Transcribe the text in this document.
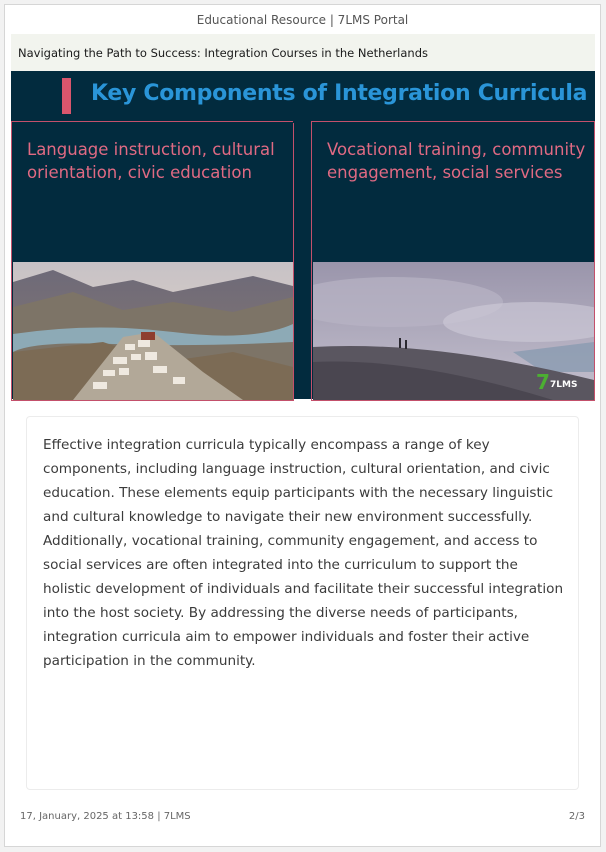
Educational Resource | 7LMS Portal
Navigating the Path to Success: Integration Courses in the Netherlands
Key Components of Integration Curricula
Language instruction, cultural orientation, civic education
Vocational training, community engagement, social services
7 7LMS

Effective integration curricula typically encompass a range of key components, including language instruction, cultural orientation, and civic education. These elements equip participants with the necessary linguistic and cultural knowledge to navigate their new environment successfully. Additionally, vocational training, community engagement, and access to social services are often integrated into the curriculum to support the holistic development of individuals and facilitate their successful integration into the host society. By addressing the diverse needs of participants, integration curricula aim to empower individuals and foster their active participation in the community.

17, January, 2025 at 13:58 | 7LMS	2/3
